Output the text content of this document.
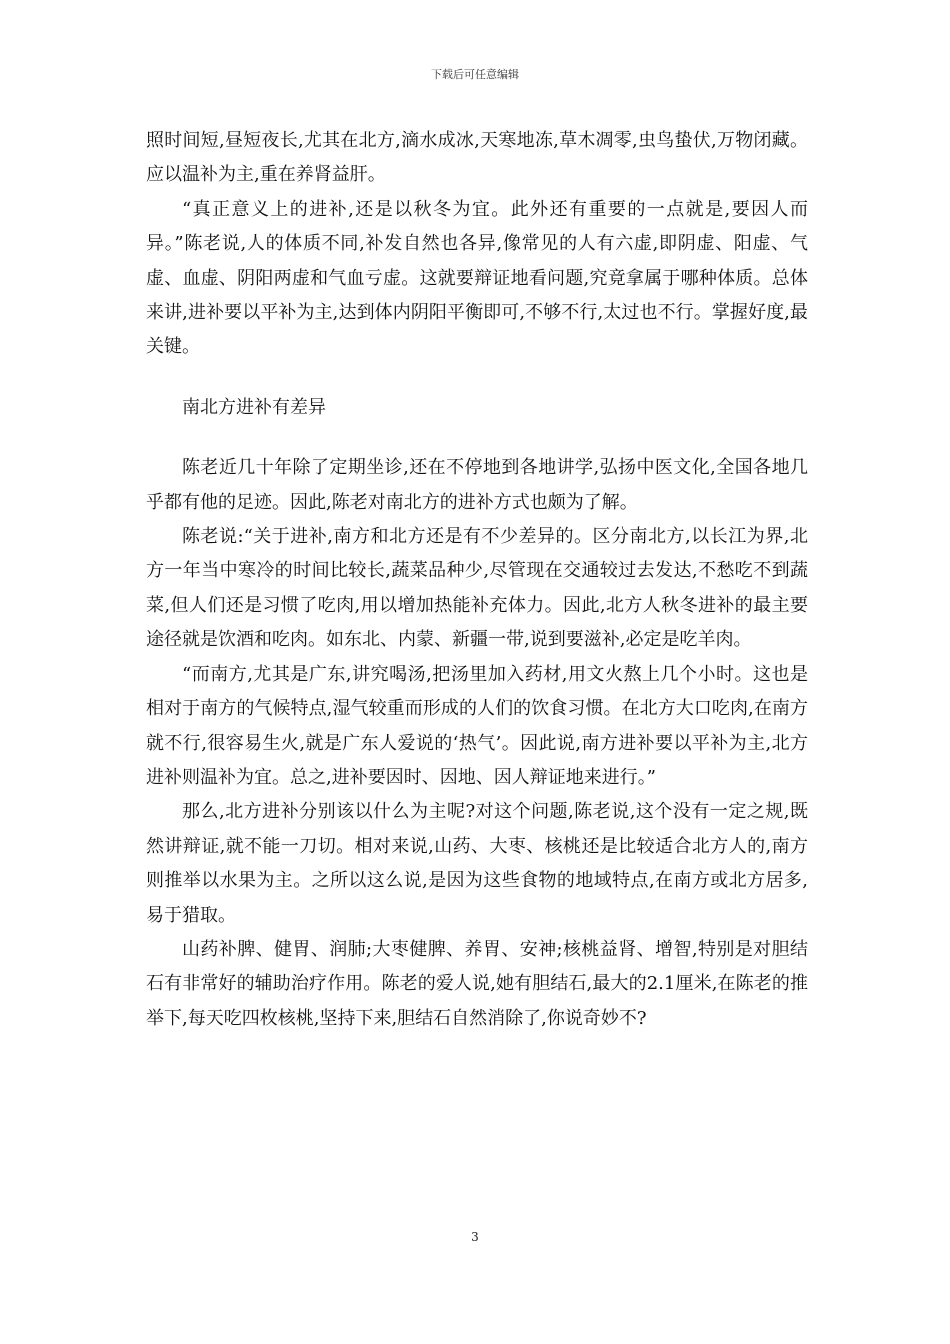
下载后可任意编辑

照时间短,昼短夜长,尤其在北方,滴水成冰,天寒地冻,草木凋零,虫鸟蛰伏,万物闭藏。应以温补为主,重在养肾益肝。

“真正意义上的进补,还是以秋冬为宜。此外还有重要的一点就是,要因人而异。”陈老说,人的体质不同,补发自然也各异,像常见的人有六虚,即阴虚、阳虚、气虚、血虚、阴阳两虚和气血亏虚。这就要辩证地看问题,究竟拿属于哪种体质。总体来讲,进补要以平补为主,达到体内阴阳平衡即可,不够不行,太过也不行。掌握好度,最关键。

南北方进补有差异

陈老近几十年除了定期坐诊,还在不停地到各地讲学,弘扬中医文化,全国各地几乎都有他的足迹。因此,陈老对南北方的进补方式也颇为了解。

陈老说:“关于进补,南方和北方还是有不少差异的。区分南北方,以长江为界,北方一年当中寒冷的时间比较长,蔬菜品种少,尽管现在交通较过去发达,不愁吃不到蔬菜,但人们还是习惯了吃肉,用以增加热能补充体力。因此,北方人秋冬进补的最主要途径就是饮酒和吃肉。如东北、内蒙、新疆一带,说到要滋补,必定是吃羊肉。

“而南方,尤其是广东,讲究喝汤,把汤里加入药材,用文火熬上几个小时。这也是相对于南方的气候特点,湿气较重而形成的人们的饮食习惯。在北方大口吃肉,在南方就不行,很容易生火,就是广东人爱说的‘热气’。因此说,南方进补要以平补为主,北方进补则温补为宜。总之,进补要因时、因地、因人辩证地来进行。”

那么,北方进补分别该以什么为主呢?对这个问题,陈老说,这个没有一定之规,既然讲辩证,就不能一刀切。相对来说,山药、大枣、核桃还是比较适合北方人的,南方则推举以水果为主。之所以这么说,是因为这些食物的地域特点,在南方或北方居多,易于猎取。

山药补脾、健胃、润肺;大枣健脾、养胃、安神;核桃益肾、增智,特别是对胆结石有非常好的辅助治疗作用。陈老的爱人说,她有胆结石,最大的2.1厘米,在陈老的推举下,每天吃四枚核桃,坚持下来,胆结石自然消除了,你说奇妙不?

3
